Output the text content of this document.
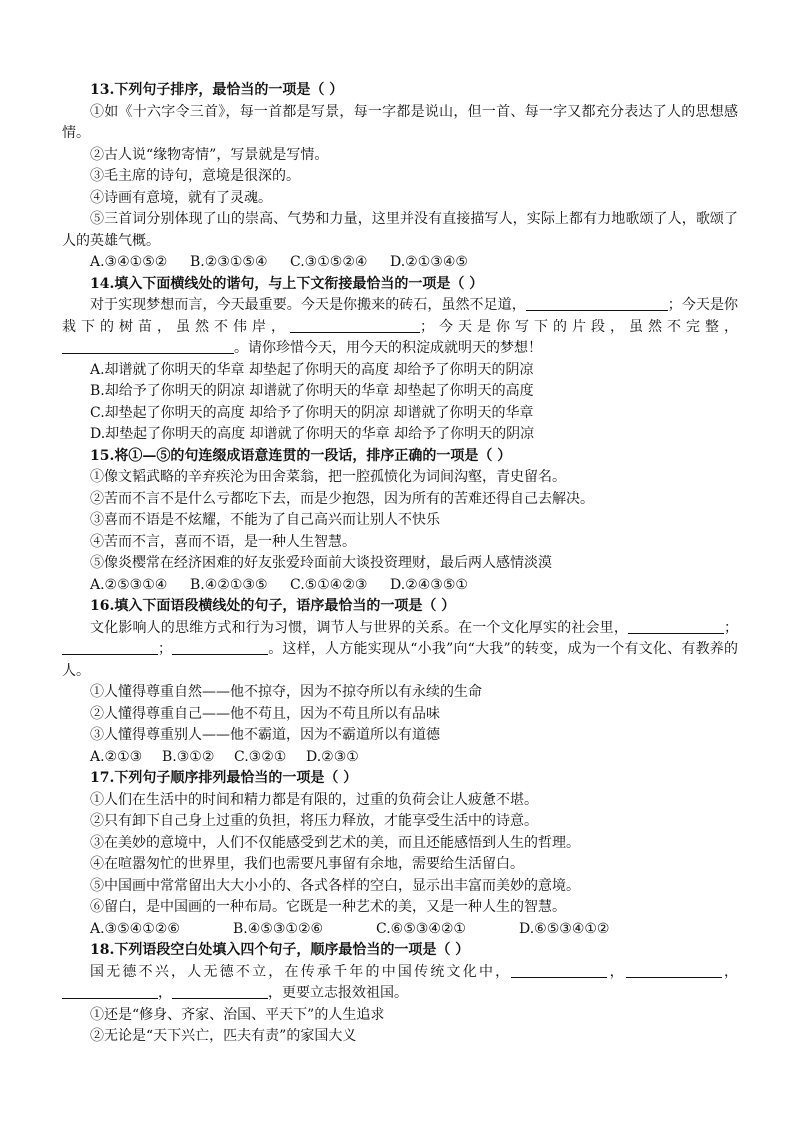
13.下列句子排序，最恰当的一项是（ ）
①如《十六字令三首》，每一首都是写景，每一字都是说山，但一首、每一字又都充分表达了人的思想感情。
②古人说“缘物寄情”，写景就是写情。
③毛主席的诗句，意境是很深的。
④诗画有意境，就有了灵魂。
⑤三首词分别体现了山的崇高、气势和力量，这里并没有直接描写人，实际上都有力地歌颂了人，歌颂了人的英雄气概。
A.③④①⑤② B.②③①⑤④ C.③①⑤②④ D.②①③④⑤
14.填入下面横线处的谐句，与上下文衔接最恰当的一项是（ ）
对于实现梦想而言，今天最重要。今天是你搬来的砖石，虽然不足道，	；今天是你栽下的树苗，虽然不伟岸，	；今天是你写下的片段，虽然不完整，。请你珍惜今天，用今天的积淀成就明天的梦想！
A.却谱就了你明天的华章 却垫起了你明天的高度 却给予了你明天的阴凉
B.却给予了你明天的阴凉 却谱就了你明天的华章 却垫起了你明天的高度
C.却垫起了你明天的高度 却给予了你明天的阴凉 却谱就了你明天的华章
D.却垫起了你明天的高度 却谱就了你明天的华章 却给予了你明天的阴凉
15.将①—⑤的句连缀成语意连贯的一段话，排序正确的一项是（ ）
①像文韬武略的辛弃疾沦为田舍菜翁，把一腔孤愤化为词间沟壑，青史留名。
②苦而不言不是什么亏都吃下去，而是少抱怨，因为所有的苦难还得自己去解决。
③喜而不语是不炫耀，不能为了自己高兴而让别人不快乐
④苦而不言，喜而不语，是一种人生智慧。
⑤像炎樱常在经济困难的好友张爱玲面前大谈投资理财，最后两人感情淡漠
A.②⑤③①④ B.④②①③⑤ C.⑤①④②③ D.②④③⑤①
16.填入下面语段横线处的句子，语序最恰当的一项是（ ）
文化影响人的思维方式和行为习惯，调节人与世界的关系。在一个文化厚实的社会里，	；；	。这样，人方能实现从“小我”向“大我”的转变，成为一个有文化、有教养的人。
①人懂得尊重自然——他不掠夺，因为不掠夺所以有永续的生命
②人懂得尊重自己——他不苟且，因为不苟且所以有品味
③人懂得尊重别人——他不霸道，因为不霸道所以有道德
A.②①③ B.③①② C.③②① D.②③①
17.下列句子顺序排列最恰当的一项是（ ）
①人们在生活中的时间和精力都是有限的，过重的负荷会让人疲惫不堪。
②只有卸下自己身上过重的负担，将压力释放，才能享受生活中的诗意。
③在美妙的意境中，人们不仅能感受到艺术的美，而且还能感悟到人生的哲理。
④在喧嚣匆忙的世界里，我们也需要凡事留有余地，需要给生活留白。
⑤中国画中常常留出大大小小的、各式各样的空白，显示出丰富而美妙的意境。
⑥留白，是中国画的一种布局。它既是一种艺术的美，又是一种人生的智慧。
A.③⑤④①②⑥	B.④⑤③①②⑥	C.⑥⑤③④②①	D.⑥⑤③④①②
18.下列语段空白处填入四个句子，顺序最恰当的一项是（ ）
国无德不兴，人无德不立，在传承千年的中国传统文化中，	，	，，	，更要立志报效祖国。
①还是“修身、齐家、治国、平天下”的人生追求
②无论是“天下兴亡，匹夫有责”的家国大义
